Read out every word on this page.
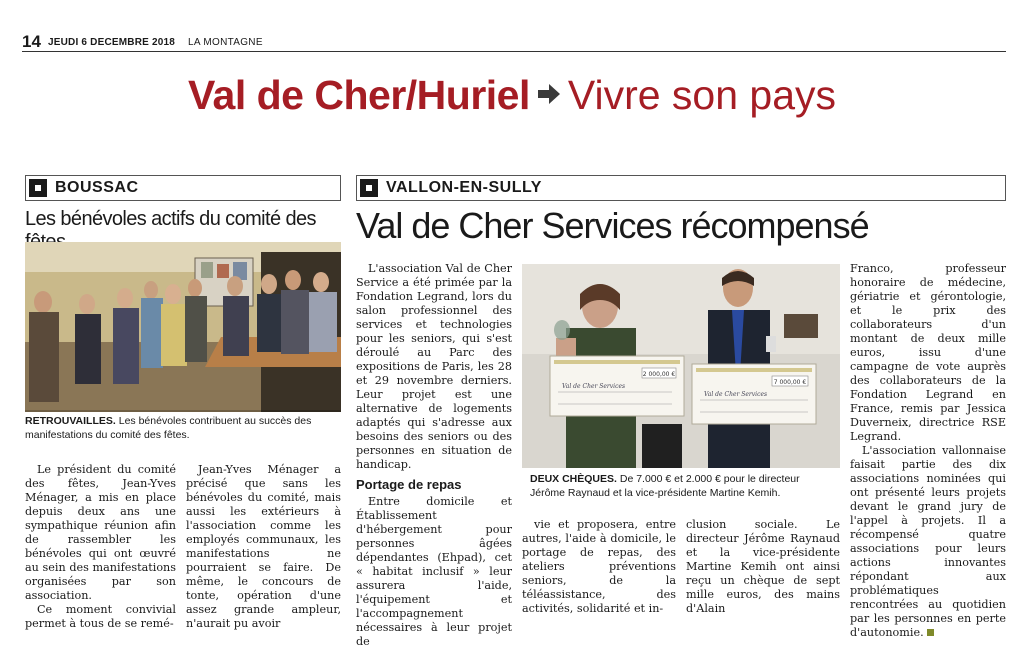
14 JEUDI 6 DECEMBRE 2018 LA MONTAGNE
Val de Cher/Huriel Vivre son pays
BOUSSAC
Les bénévoles actifs du comité des
RETROUVAILLES. Les bénévoles contribuent au succès des manifestations du comité des fêtes.

Le président du comité des fêtes, Jean-Yves Ménager, a mis en place depuis deux ans une sympathique réunion afin de rassembler les bénévoles qui ont œuvré au sein des manifestations organisées par son association.

Ce moment convivial permet à tous de se remé-

Jean-Yves Ménager a précisé que sans les bénévoles du comité, mais aussi les extérieurs à l'association comme les employés communaux, les manifestations ne pourraient se faire. De même, le concours de tonte, opération d'une assez grande ampleur, n'aurait pu avoir

VALLON-EN-SULLY
Val de Cher Services récompensé

L'association Val de Cher Service a été primée par la Fondation Legrand, lors du salon professionnel des services et technologies pour les seniors, qui s'est déroulé au Parc des expositions de Paris, les 28 et 29 novembre derniers. Leur projet est une alternative de logements adaptés qui s'adresse aux besoins des seniors ou des personnes en situation de handicap.

Portage de repas

Entre domicile et Établissement d'hébergement pour personnes âgées dépendantes (Ehpad), cet « habitat inclusif » leur assurera l'aide, l'équipement et l'accompagnement nécessaires à leur projet de

2 000,00 €
Val de Cher Services
7 000,00 €
Val de Cher Services
DEUX CHÈQUES. De 7.000 € et 2.000 € pour le directeur Jérôme Raynaud et la vice-présidente Martine Kemih.

vie et proposera, entre autres, l'aide à domicile, le portage de repas, des ateliers préventions seniors, de la téléassistance, des activités, solidarité et in-

clusion sociale. Le directeur Jérôme Raynaud et la vice-présidente Martine Kemih ont ainsi reçu un chèque de sept mille euros, des mains d'Alain

Franco, professeur honoraire de médecine, gériatrie et gérontologie, et le prix des collaborateurs d'un montant de deux mille euros, issu d'une campagne de vote auprès des collaborateurs de la Fondation Legrand en France, remis par Jessica Duverneix, directrice RSE Legrand.

L'association vallonnaise faisait partie des dix associations nominées qui ont présenté leurs projets devant le grand jury de l'appel à projets. Il a récompensé quatre associations pour leurs actions innovantes répondant aux problématiques rencontrées au quotidien par les personnes en perte d'autonomie.
